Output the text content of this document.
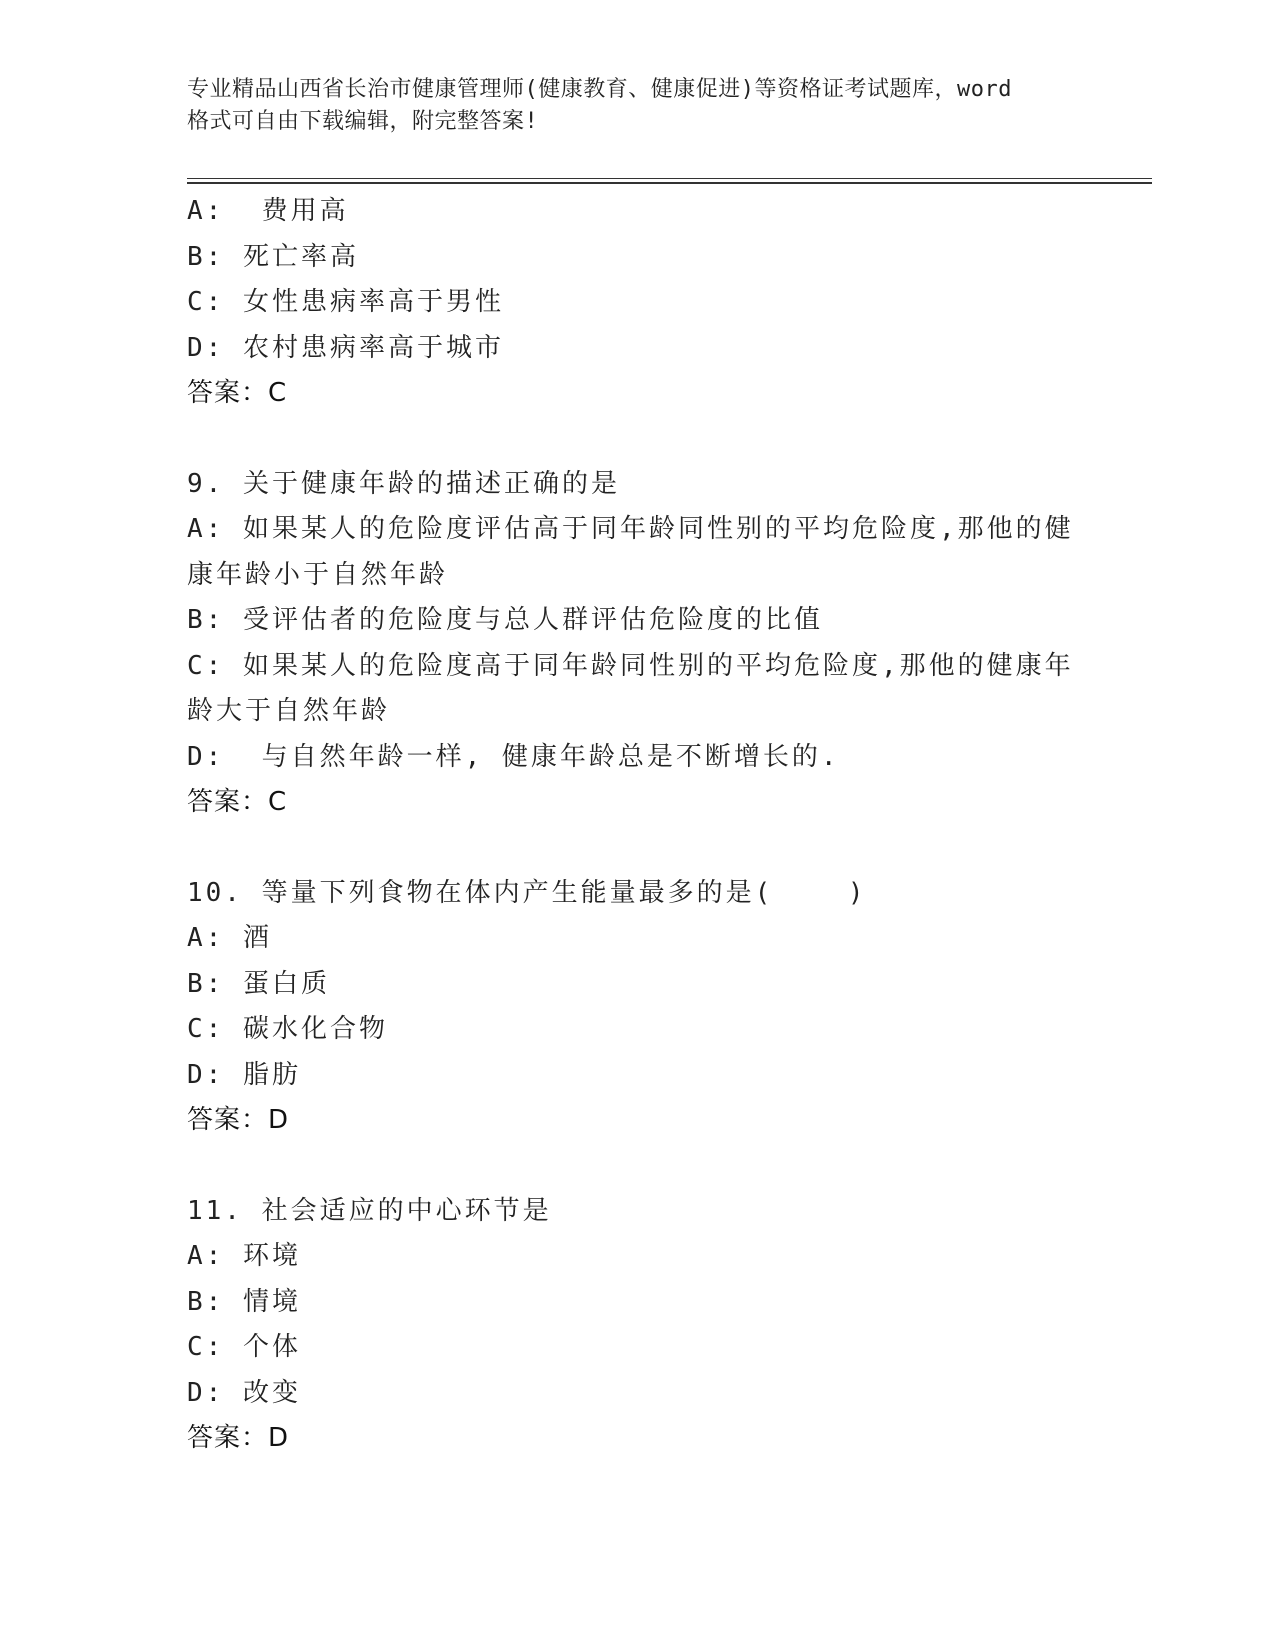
专业精品山西省长治市健康管理师(健康教育、健康促进)等资格证考试题库，word
格式可自由下载编辑，附完整答案!
A:  费用高
B: 死亡率高
C: 女性患病率高于男性
D: 农村患病率高于城市
答案：C
9. 关于健康年龄的描述正确的是
A: 如果某人的危险度评估高于同年龄同性别的平均危险度,那他的健
康年龄小于自然年龄
B: 受评估者的危险度与总人群评估危险度的比值
C: 如果某人的危险度高于同年龄同性别的平均危险度,那他的健康年
龄大于自然年龄
D:  与自然年龄一样, 健康年龄总是不断增长的.
答案：C
10. 等量下列食物在体内产生能量最多的是(    )
A: 酒
B: 蛋白质
C: 碳水化合物
D: 脂肪
答案：D
11. 社会适应的中心环节是
A: 环境
B: 情境
C: 个体
D: 改变
答案：D
